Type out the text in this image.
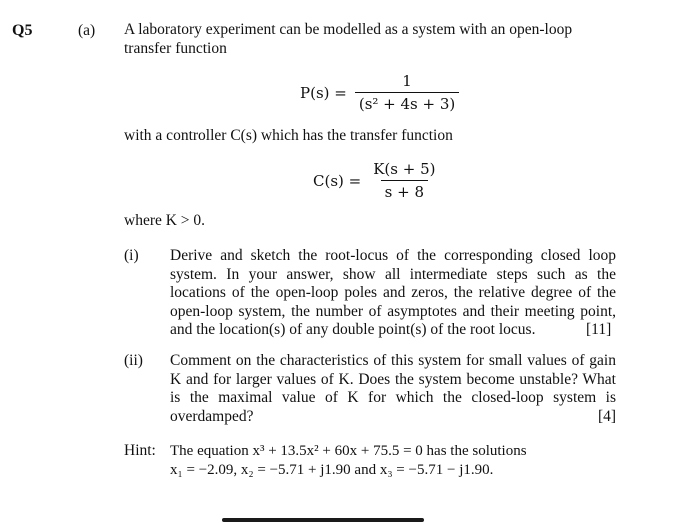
Q5	(a) A laboratory experiment can be modelled as a system with an open-loop transfer function
$P(s) = \frac{1}{\text{(s² + 4s + 3)}}$
with a controller C(s) which has the transfer function
$C(s) = \frac{K(s + 5)}{s + 8}$
where K > 0.
(i) Derive and sketch the root-locus of the corresponding closed loop system. In your answer, show all intermediate steps such as the locations of the open-loop poles and zeros, the relative degree of the open-loop system, the number of asymptotes and their meeting point, and the location(s) of any double point(s) of the root locus.	[11]
(ii) Comment on the characteristics of this system for small values of gain K and for larger values of K. Does the system become unstable? What is the maximal value of K for which the closed-loop system is overdamped?	[4]
Hint: The equation x³ + 13.5x² + 60x + 75.5 = 0 has the solutions
x₁ = −2.09, x₂ = −5.71 + j1.90 and x₃ = −5.71 − j1.90.
